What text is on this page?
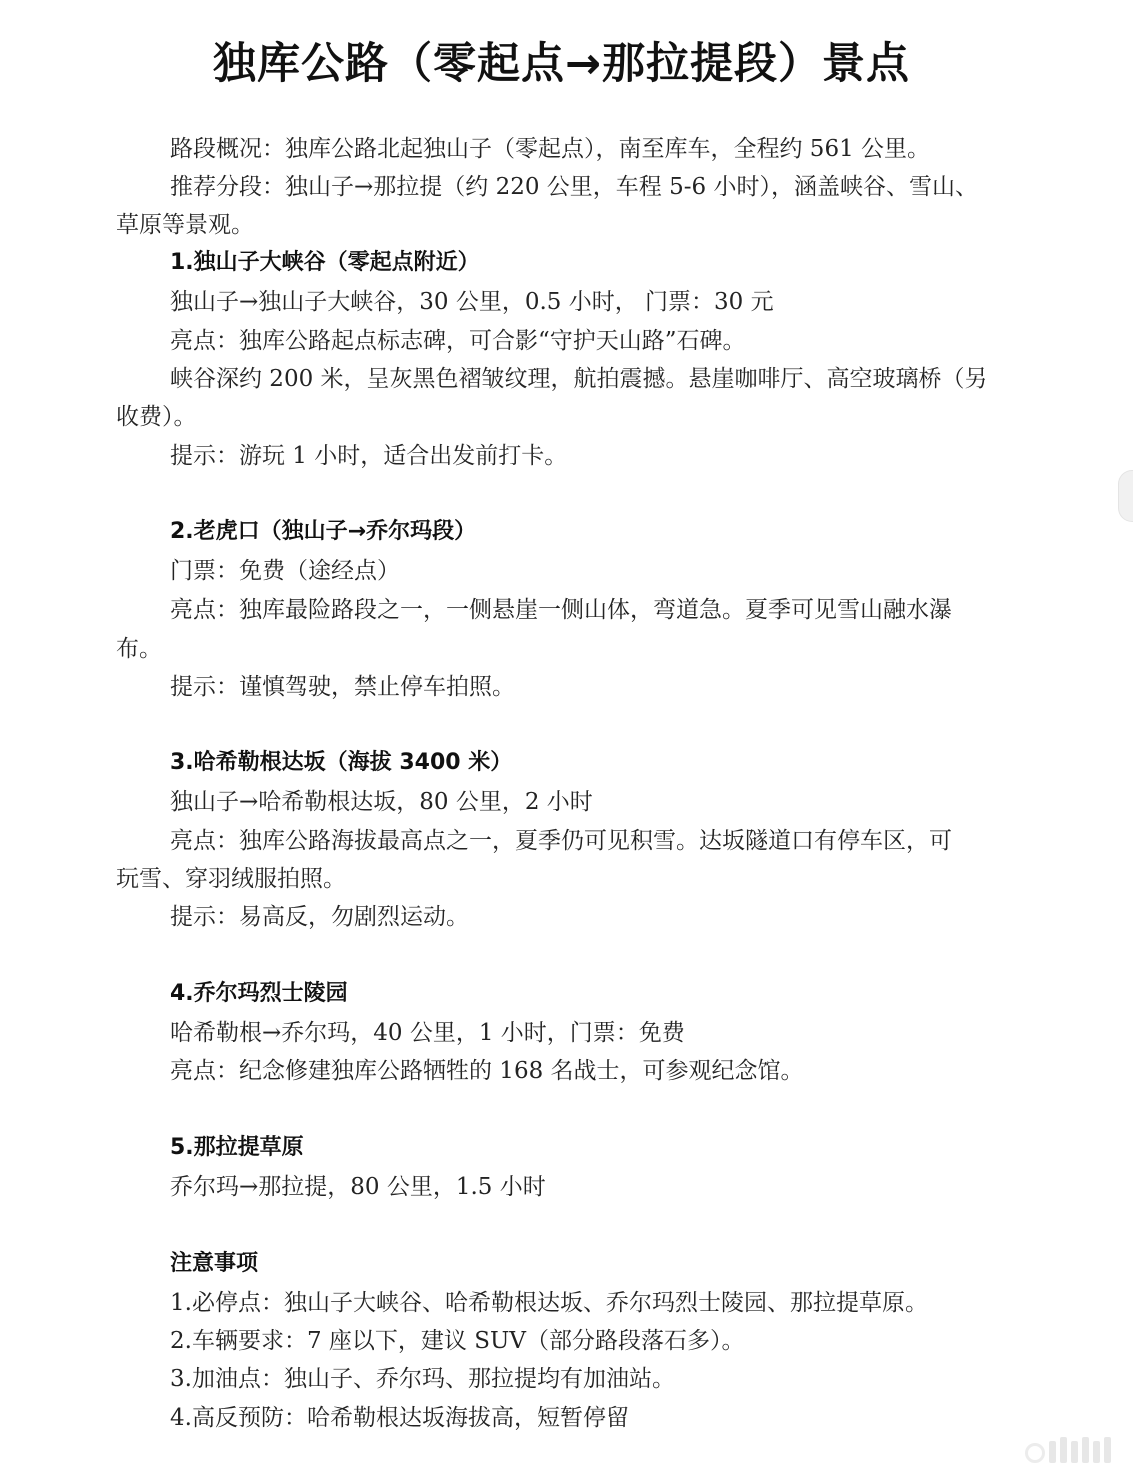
独库公路（零起点→那拉提段）景点
路段概况：独库公路北起独山子（零起点），南至库车，全程约 561 公里。
推荐分段：独山子→那拉提（约 220 公里，车程 5-6 小时），涵盖峡谷、雪山、
草原等景观。
1.独山子大峡谷（零起点附近）
独山子→独山子大峡谷，30 公里，0.5 小时， 门票：30 元
亮点：独库公路起点标志碑，可合影“守护天山路”石碑。
峡谷深约 200 米，呈灰黑色褶皱纹理，航拍震撼。悬崖咖啡厅、高空玻璃桥（另
收费）。
提示：游玩 1 小时，适合出发前打卡。
2.老虎口（独山子→乔尔玛段）
门票：免费（途经点）
亮点：独库最险路段之一，一侧悬崖一侧山体，弯道急。夏季可见雪山融水瀑
布。
提示：谨慎驾驶，禁止停车拍照。
3.哈希勒根达坂（海拔 3400 米）
独山子→哈希勒根达坂，80 公里，2 小时
亮点：独库公路海拔最高点之一，夏季仍可见积雪。达坂隧道口有停车区，可
玩雪、穿羽绒服拍照。
提示：易高反，勿剧烈运动。
4.乔尔玛烈士陵园
哈希勒根→乔尔玛，40 公里，1 小时，门票：免费
亮点：纪念修建独库公路牺牲的 168 名战士，可参观纪念馆。
5.那拉提草原
乔尔玛→那拉提，80 公里，1.5 小时
注意事项
1.必停点：独山子大峡谷、哈希勒根达坂、乔尔玛烈士陵园、那拉提草原。
2.车辆要求：7 座以下，建议 SUV（部分路段落石多）。
3.加油点：独山子、乔尔玛、那拉提均有加油站。
4.高反预防：哈希勒根达坂海拔高，短暂停留
